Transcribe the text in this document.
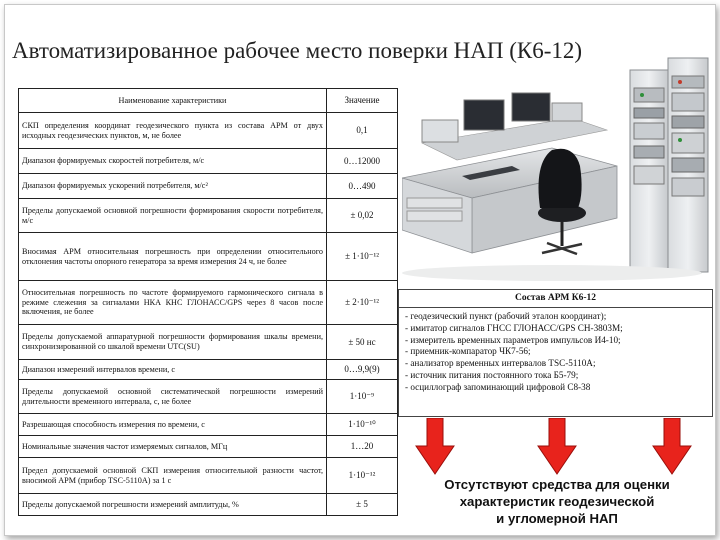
Автоматизированное рабочее место поверки НАП (К6-12)
Наименование характеристики	Значение
СКП определения координат геодезического пункта из состава АРМ от двух исходных геодезических пунктов, м, не более	0,1
Диапазон формируемых скоростей потребителя, м/с	0…12000
Диапазон формируемых ускорений потребителя, м/с²	0…490
Пределы допускаемой основной погрешности формирования скорости потребителя, м/с	± 0,02
Вносимая АРМ относительная погрешность при определении относительного отклонения частоты опорного генератора за время измерения 24 ч, не более	± 1·10⁻¹²
Относительная погрешность по частоте формируемого гармонического сигнала в режиме слежения за сигналами НКА КНС ГЛОНАСС/GPS через 8 часов после включения, не более	± 2·10⁻¹²
Пределы допускаемой аппаратурной погрешности формирования шкалы времени, синхронизированной со шкалой времени UTC(SU)	± 50 нс
Диапазон измерений интервалов времени, с	0…9,9(9)
Пределы допускаемой основной систематической погрешности измерений длительности временного интервала, с, не более	1·10⁻⁹
Разрешающая способность измерения по времени, с	1·10⁻¹⁰
Номинальные значения частот измеряемых сигналов, МГц	1…20
Предел допускаемой основной СКП измерения относительной разности частот, вносимой АРМ (прибор TSC-5110A) за 1 с	1·10⁻¹²
Пределы допускаемой погрешности измерений амплитуды, %	± 5
Состав АРМ К6-12
- геодезический пункт (рабочий эталон координат);
- имитатор сигналов ГНСС ГЛОНАСС/GPS СН-3803М;
- измеритель временных параметров импульсов И4-10;
- приемник-компаратор ЧК7-56;
- анализатор временных интервалов TSC-5110A;
- источник питания постоянного тока Б5-79;
- осциллограф запоминающий цифровой С8-38
Отсутствуют средства для оценки
характеристик геодезической
и угломерной НАП
